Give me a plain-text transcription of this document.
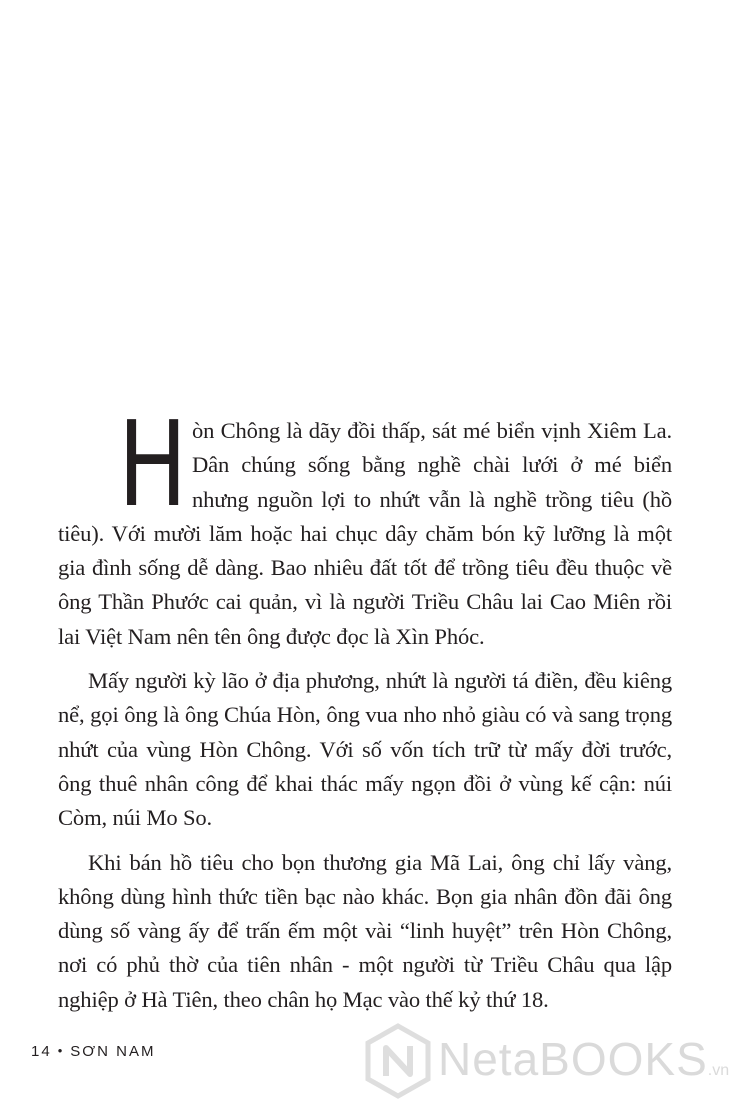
Hòn Chông là dãy đồi thấp, sát mé biển vịnh Xiêm La. Dân chúng sống bằng nghề chài lưới ở mé biển nhưng nguồn lợi to nhứt vẫn là nghề trồng tiêu (hồ tiêu). Với mười lăm hoặc hai chục dây chăm bón kỹ lưỡng là một gia đình sống dễ dàng. Bao nhiêu đất tốt để trồng tiêu đều thuộc về ông Thần Phước cai quản, vì là người Triều Châu lai Cao Miên rồi lai Việt Nam nên tên ông được đọc là Xìn Phóc.

Mấy người kỳ lão ở địa phương, nhứt là người tá điền, đều kiêng nể, gọi ông là ông Chúa Hòn, ông vua nho nhỏ giàu có và sang trọng nhứt của vùng Hòn Chông. Với số vốn tích trữ từ mấy đời trước, ông thuê nhân công để khai thác mấy ngọn đồi ở vùng kế cận: núi Còm, núi Mo So.

Khi bán hồ tiêu cho bọn thương gia Mã Lai, ông chỉ lấy vàng, không dùng hình thức tiền bạc nào khác. Bọn gia nhân đồn đãi ông dùng số vàng ấy để trấn ếm một vài “linh huyệt” trên Hòn Chông, nơi có phủ thờ của tiên nhân - một người từ Triều Châu qua lập nghiệp ở Hà Tiên, theo chân họ Mạc vào thế kỷ thứ 18.

14 • SƠN NAM	NetaBOOKS.vn
